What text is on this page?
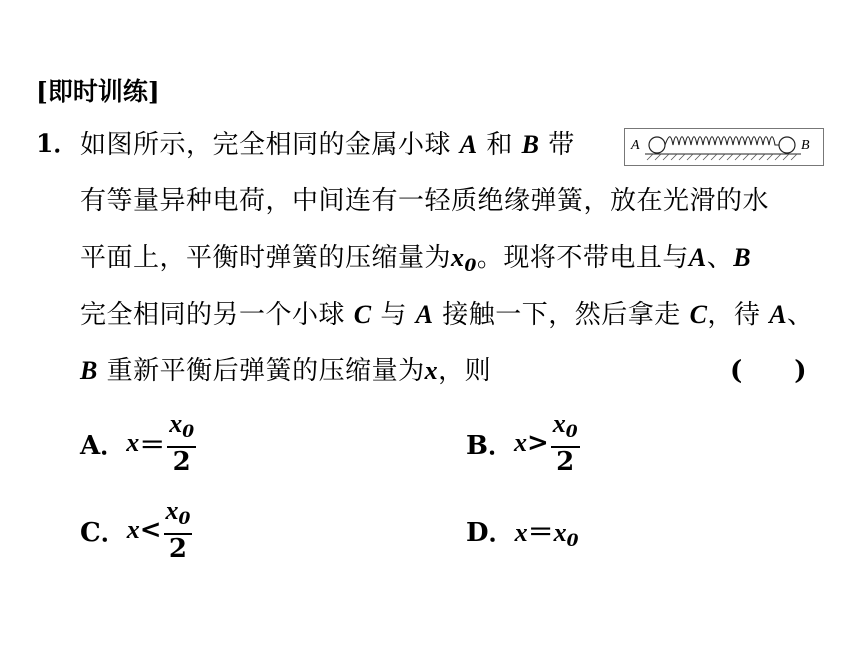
[即时训练]
1． 如图所示，完全相同的金属小球 A 和 B 带	A	B
有等量异种电荷，中间连有一轻质绝缘弹簧，放在光滑的水
平面上，平衡时弹簧的压缩量为$x_0$。现将不带电且与A、B
完全相同的另一个小球 C 与 A 接触一下，然后拿走 C，待 A、
B 重新平衡后弹簧的压缩量为x，则	(　　)
A． $x = \frac{x_0}{2}$	B． $x > \frac{x_0}{2}$
C． $x < \frac{x_0}{2}$	D．$x=x_0$
